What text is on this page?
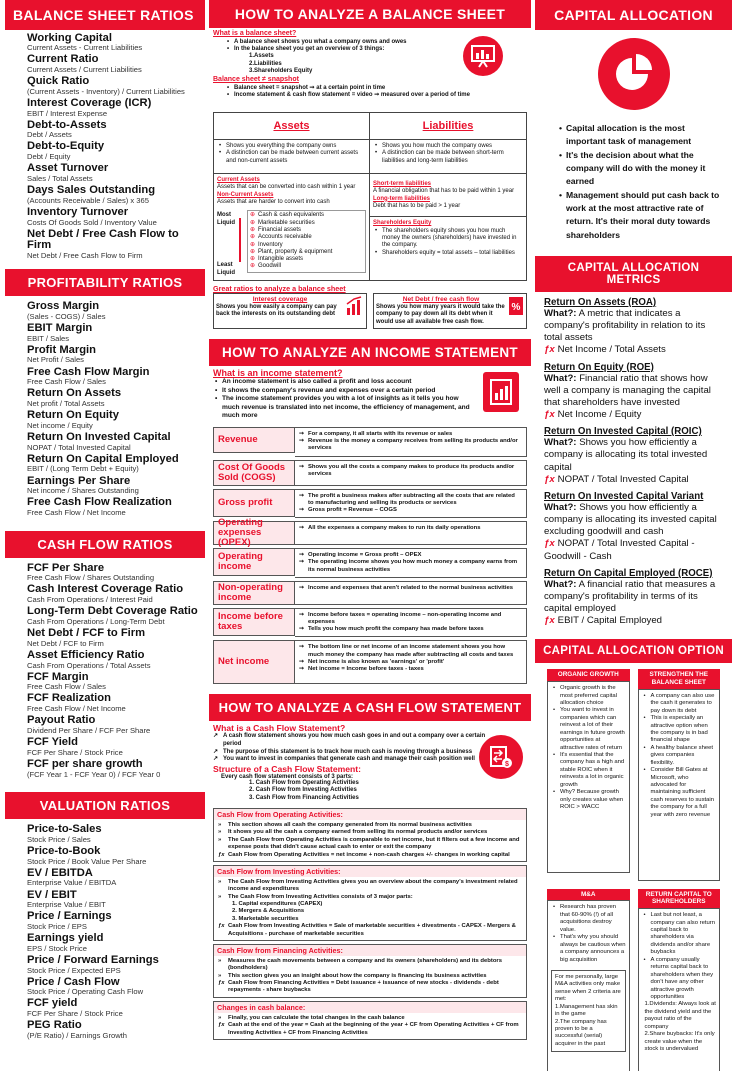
BALANCE SHEET RATIOS
Working Capital
Current Assets - Current Liabilities
Current Ratio
Current Assets / Current Liabilities
Quick Ratio
(Current Assets - Inventory) / Current Liabilities
Interest Coverage (ICR)
EBIT / Interest Expense
Debt-to-Assets
Debt / Assets
Debt-to-Equity
Debt / Equity
Asset Turnover
Sales / Total Assets
Days Sales Outstanding
(Accounts Receivable / Sales) x 365
Inventory Turnover
Costs Of Goods Sold / Inventory Value
Net Debt / Free Cash Flow to Firm
Net Debt / Free Cash Flow to Firm
PROFITABILITY RATIOS
Gross Margin
(Sales - COGS) / Sales
EBIT Margin
EBIT / Sales
Profit Margin
Net Profit / Sales
Free Cash Flow Margin
Free Cash Flow / Sales
Return On Assets
Net profit / Total Assets
Return On Equity
Net income / Equity
Return On Invested Capital
NOPAT / Total Invested Capital
Return On Capital Employed
EBIT / (Long Term Debt + Equity)
Earnings Per Share
Net income / Shares Outstanding
Free Cash Flow Realization
Free Cash Flow / Net Income
CASH FLOW RATIOS
FCF Per Share
Free Cash Flow / Shares Outstanding
Cash Interest Coverage Ratio
Cash From Operations / Interest Paid
Long-Term Debt Coverage Ratio
Cash From Operations / Long-Term Debt
Net Debt / FCF to Firm
Net Debt / FCF to Firm
Asset Efficiency Ratio
Cash From Operations / Total Assets
FCF Margin
Free Cash Flow / Sales
FCF Realization
Free Cash Flow / Net Income
Payout Ratio
Dividend Per Share / FCF Per Share
FCF Yield
FCF Per Share / Stock Price
FCF per share growth
(FCF Year 1 - FCF Year 0) / FCF Year 0
VALUATION RATIOS
Price-to-Sales
Stock Price / Sales
Price-to-Book
Stock Price / Book Value Per Share
EV / EBITDA
Enterprise Value / EBITDA
EV / EBIT
Enterprise Value / EBIT
Price / Earnings
Stock Price / EPS
Earnings yield
EPS / Stock Price
Price / Forward Earnings
Stock Price / Expected EPS
Price / Cash Flow
Stock Price / Operating Cash Flow
FCF yield
FCF Per Share / Stock Price
PEG Ratio
(P/E Ratio) / Earnings Growth
HOW TO ANALYZE A BALANCE SHEET
What is a balance sheet?
• A balance sheet shows you what a company owns and owes
• In the balance sheet you get an overview of 3 things:
1.Assets
2.Liabilities
3.Shareholders Equity
Balance sheet ≠ snapshot
• Balance sheet = snapshot ➞ at a certain point in time
• Income statement & cash flow statement = video ➞ measured over a period of time
Assets	Liabilities
• Shows you everything the company owns
• A distinction can be made between current assets and non-current assets
• Shows you how much the company owes
• A distinction can be made between short-term liabilities and long-term liabilities
Current Assets
Assets that can be converted into cash within 1 year
Non-Current Assets
Assets that are harder to convert into cash
Most Liquid
Least Liquid
⊕ Cash & cash equivalents
⊕ Marketable securities
⊕ Financial assets
⊕ Accounts receivable
⊕ Inventory
⊕ Plant, property & equipment
⊕ Intangible assets
⊕ Goodwill
Short-term liabilities
A financial obligation that has to be paid within 1 year
Long-term liabilities
Debt that has to be paid > 1 year
Shareholders Equity
• The shareholders equity shows you how much money the owners (shareholders) have invested in the company.
• Shareholders equity = total assets – total liabilities
Great ratios to analyze a balance sheet
Interest coverage
Shows you how easily a company can pay back the interests on its outstanding debt
Net Debt / free cash flow
Shows you how many years it would take the company to pay down all its debt when it would use all available free cash flow.
%
HOW TO ANALYZE AN INCOME STATEMENT
What is an income statement?
• An income statement is also called a profit and loss account
• It shows the company's revenue and expenses over a certain period
• The income statement provides you with a lot of insights as it tells you how much revenue is translated into net income, the efficiency of management, and much more
Revenue
➞ For a company, it all starts with its revenue or sales
➞ Revenue is the money a company receives from selling its products and/or services
Cost Of Goods Sold (COGS)
➞ Shows you all the costs a company makes to produce its products and/or services
Gross profit
➞ The profit a business makes after subtracting all the costs that are related to manufacturing and selling its products or services
➞ Gross profit = Revenue – COGS
Operating expenses (OPEX)
➞ All the expenses a company makes to run its daily operations
Operating income
➞ Operating income = Gross profit – OPEX
➞ The operating income shows you how much money a company earns from its normal business activities
Non-operating income
➞ Income and expenses that aren't related to the normal business activities
Income before taxes
➞ Income before taxes = operating income – non-operating income and expenses
➞ Tells you how much profit the company has made before taxes
Net income
➞ The bottom line or net income of an income statement shows you how much money the company has made after subtracting all costs and taxes
➞ Net income is also known as 'earnings' or 'profit'
➞ Net income = Income before taxes - taxes
HOW TO ANALYZE A CASH FLOW STATEMENT
What is a Cash Flow Statement?
↗ A cash flow statement shows you how much cash goes in and out a company over a certain period
↗ The purpose of this statement is to track how much cash is moving through a business
↗ You want to invest in companies that generate cash and manage their cash position well
Structure of a Cash Flow Statement:
Every cash flow statement consists of 3 parts:
1. Cash Flow from Operating Activities
2. Cash Flow from Investing Activities
3. Cash Flow from Financing Activities
$
Cash Flow from Operating Activities:
» This section shows all cash the company generated from its normal business activities
» It shows you all the cash a company earned from selling its normal products and/or services
» The Cash Flow from Operating Activities is comparable to net income, but it filters out a few income and expense posts that didn't cause actual cash to enter or exit the company
ƒx Cash Flow from Operating Activities = net income + non-cash charges +/- changes in working capital
Cash Flow from Investing Activities:
» The Cash Flow from Investing Activities gives you an overview about the company's investment related income and expenditures
» The Cash Flow from Investing Activities consists of 3 major parts:
1. Capital expenditures (CAPEX)
2. Mergers & Acquisitions
3. Marketable securities
ƒx Cash Flow from Investing Activities = Sale of marketable securities + divestments - CAPEX - Mergers & Acquisitions - purchase of marketable securities
Cash Flow from Financing Activities:
» Measures the cash movements between a company and its owners (shareholders) and its debtors (bondholders)
» This section gives you an insight about how the company is financing its business activities
ƒx Cash Flow from Financing Activities = Debt issuance + issuance of new stocks - dividends - debt repayments - share buybacks
Changes in cash balance:
» Finally, you can calculate the total changes in the cash balance
ƒx Cash at the end of the year = Cash at the beginning of the year + CF from Operating Activities + CF from Investing Activities + CF from Financing Activities
CAPITAL ALLOCATION
• Capital allocation is the most important task of management
• It's the decision about what the company will do with the money it earned
• Management should put cash back to work at the most attractive rate of return. It's their moral duty towards shareholders
CAPITAL ALLOCATION METRICS
Return On Assets (ROA)
What?: A metric that indicates a company's profitability in relation to its total assets
ƒx Net Income / Total Assets
Return On Equity (ROE)
What?: Financial ratio that shows how well a company is managing the capital that shareholders have invested
ƒx Net Income / Equity
Return On Invested Capital (ROIC)
What?: Shows you how efficiently a company is allocating its total invested capital
ƒx NOPAT / Total Invested Capital
Return On Invested Capital Variant
What?: Shows you how efficiently a company is allocating its invested capital excluding goodwill and cash
ƒx NOPAT / Total Invested Capital - Goodwill - Cash
Return On Capital Employed (ROCE)
What?: A financial ratio that measures a company's profitability in terms of its capital employed
ƒx EBIT / Capital Employed
CAPITAL ALLOCATION OPTION
ORGANIC GROWTH
• Organic growth is the most preferred capital allocation choice
• You want to invest in companies which can reinvest a lot of their earnings in future growth opportunities at attractive rates of return
• It's essential that the company has a high and stable ROIC when it reinvests a lot in organic growth
• Why? Because growth only creates value when ROIC > WACC
STRENGTHEN THE BALANCE SHEET
• A company can also use the cash it generates to pay down its debt
• This is especially an attractive option when the company is in bad financial shape
• A healthy balance sheet gives companies flexibility.
• Consider Bill Gates at Microsoft, who advocated for maintaining sufficient cash reserves to sustain the company for a full year with zero revenue
M&A
• Research has proven that 60-90% (!) of all acquisitions destroy value.
• That's why you should always be cautious when a company announces a big acquisition
For me personally, large M&A activities only make sense when 2 criteria are met:
1.Management has skin in the game
2.The company has proven to be a successful (serial) acquirer in the past
RETURN CAPITAL TO SHAREHOLDERS
• Last but not least, a company can also return capital back to shareholders via dividends and/or share buybacks
• A company usually returns capital back to shareholders when they don't have any other attractive growth opportunities
1.Dividends: Always look at the dividend yield and the payout ratio of the company
2.Share buybacks: It's only create value when the stock is undervalued
